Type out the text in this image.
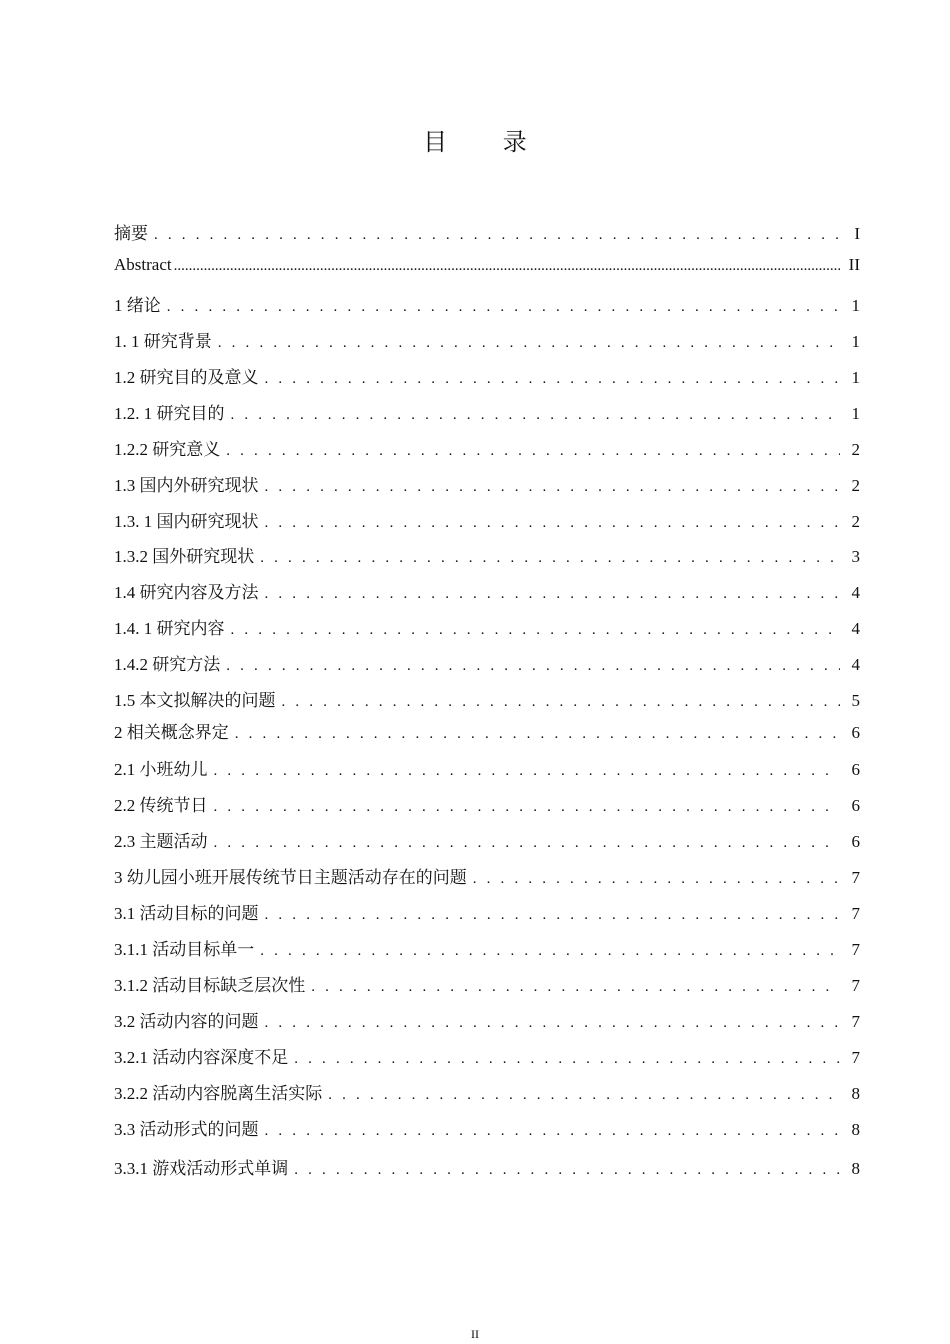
目 录
摘要 . . .	I
Abstract .....	II
1 绪论 . . .	1
1. 1 研究背景 . . .	1
1.2 研究目的及意义 . . .	1
1.2. 1 研究目的 . . .	1
1.2.2 研究意义 . . .	2
1.3 国内外研究现状 . . .	2
1.3. 1 国内研究现状 . . .	2
1.3.2 国外研究现状 . . .	3
1.4 研究内容及方法 . . .	4
1.4. 1 研究内容 . . .	4
1.4.2 研究方法 . . .	4
1.5 本文拟解决的问题 . . .	5
2 相关概念界定 . . .	6
2.1 小班幼儿 . . .	6
2.2 传统节日 . . .	6
2.3 主题活动 . . .	6
3 幼儿园小班开展传统节日主题活动存在的问题 . . .	7
3.1 活动目标的问题 . . .	7
3.1.1 活动目标单一 . . .	7
3.1.2 活动目标缺乏层次性 . . .	7
3.2 活动内容的问题 . . .	7
3.2.1 活动内容深度不足 . . .	7
3.2.2 活动内容脱离生活实际 . . .	8
3.3 活动形式的问题 . . .	8
3.3.1 游戏活动形式单调 . . .	8
II
